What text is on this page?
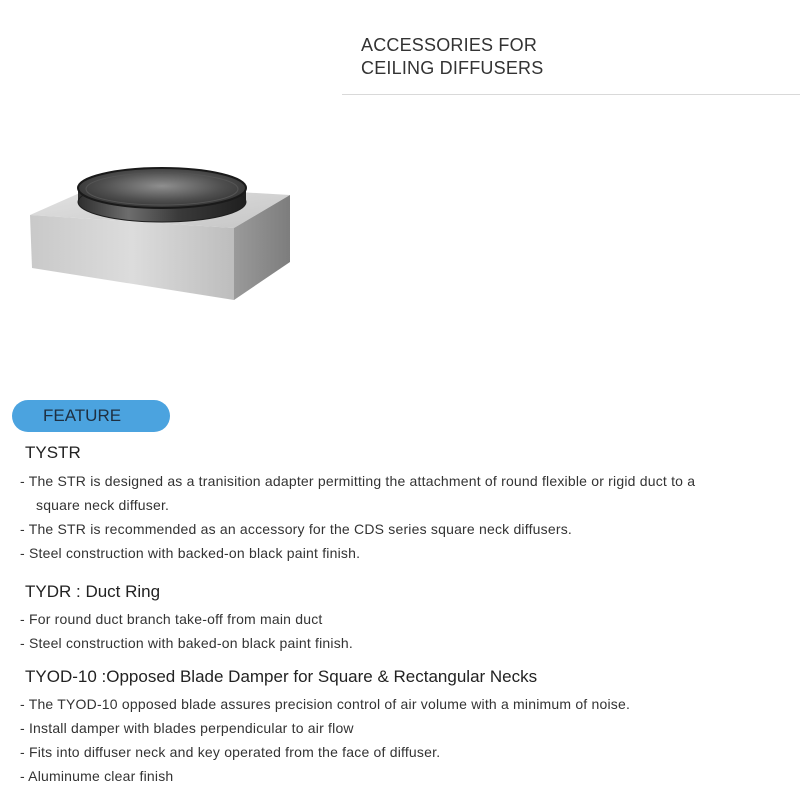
ACCESSORIES FOR
CEILING DIFFUSERS
FEATURE
TYSTR
- The STR is designed as a tranisition adapter permitting the attachment of round flexible or rigid duct to a
square neck diffuser.
- The STR is recommended as an accessory for the CDS series square neck diffusers.
- Steel construction with backed-on black paint finish.
TYDR : Duct Ring
- For round duct branch take-off from main duct
- Steel construction with baked-on black paint finish.
TYOD-10 :Opposed Blade Damper for Square & Rectangular Necks
- The TYOD-10 opposed blade assures precision control of air volume with a minimum of noise.
- Install damper with blades perpendicular to air flow
- Fits into diffuser neck and key operated from the face of diffuser.
- Aluminume clear finish
